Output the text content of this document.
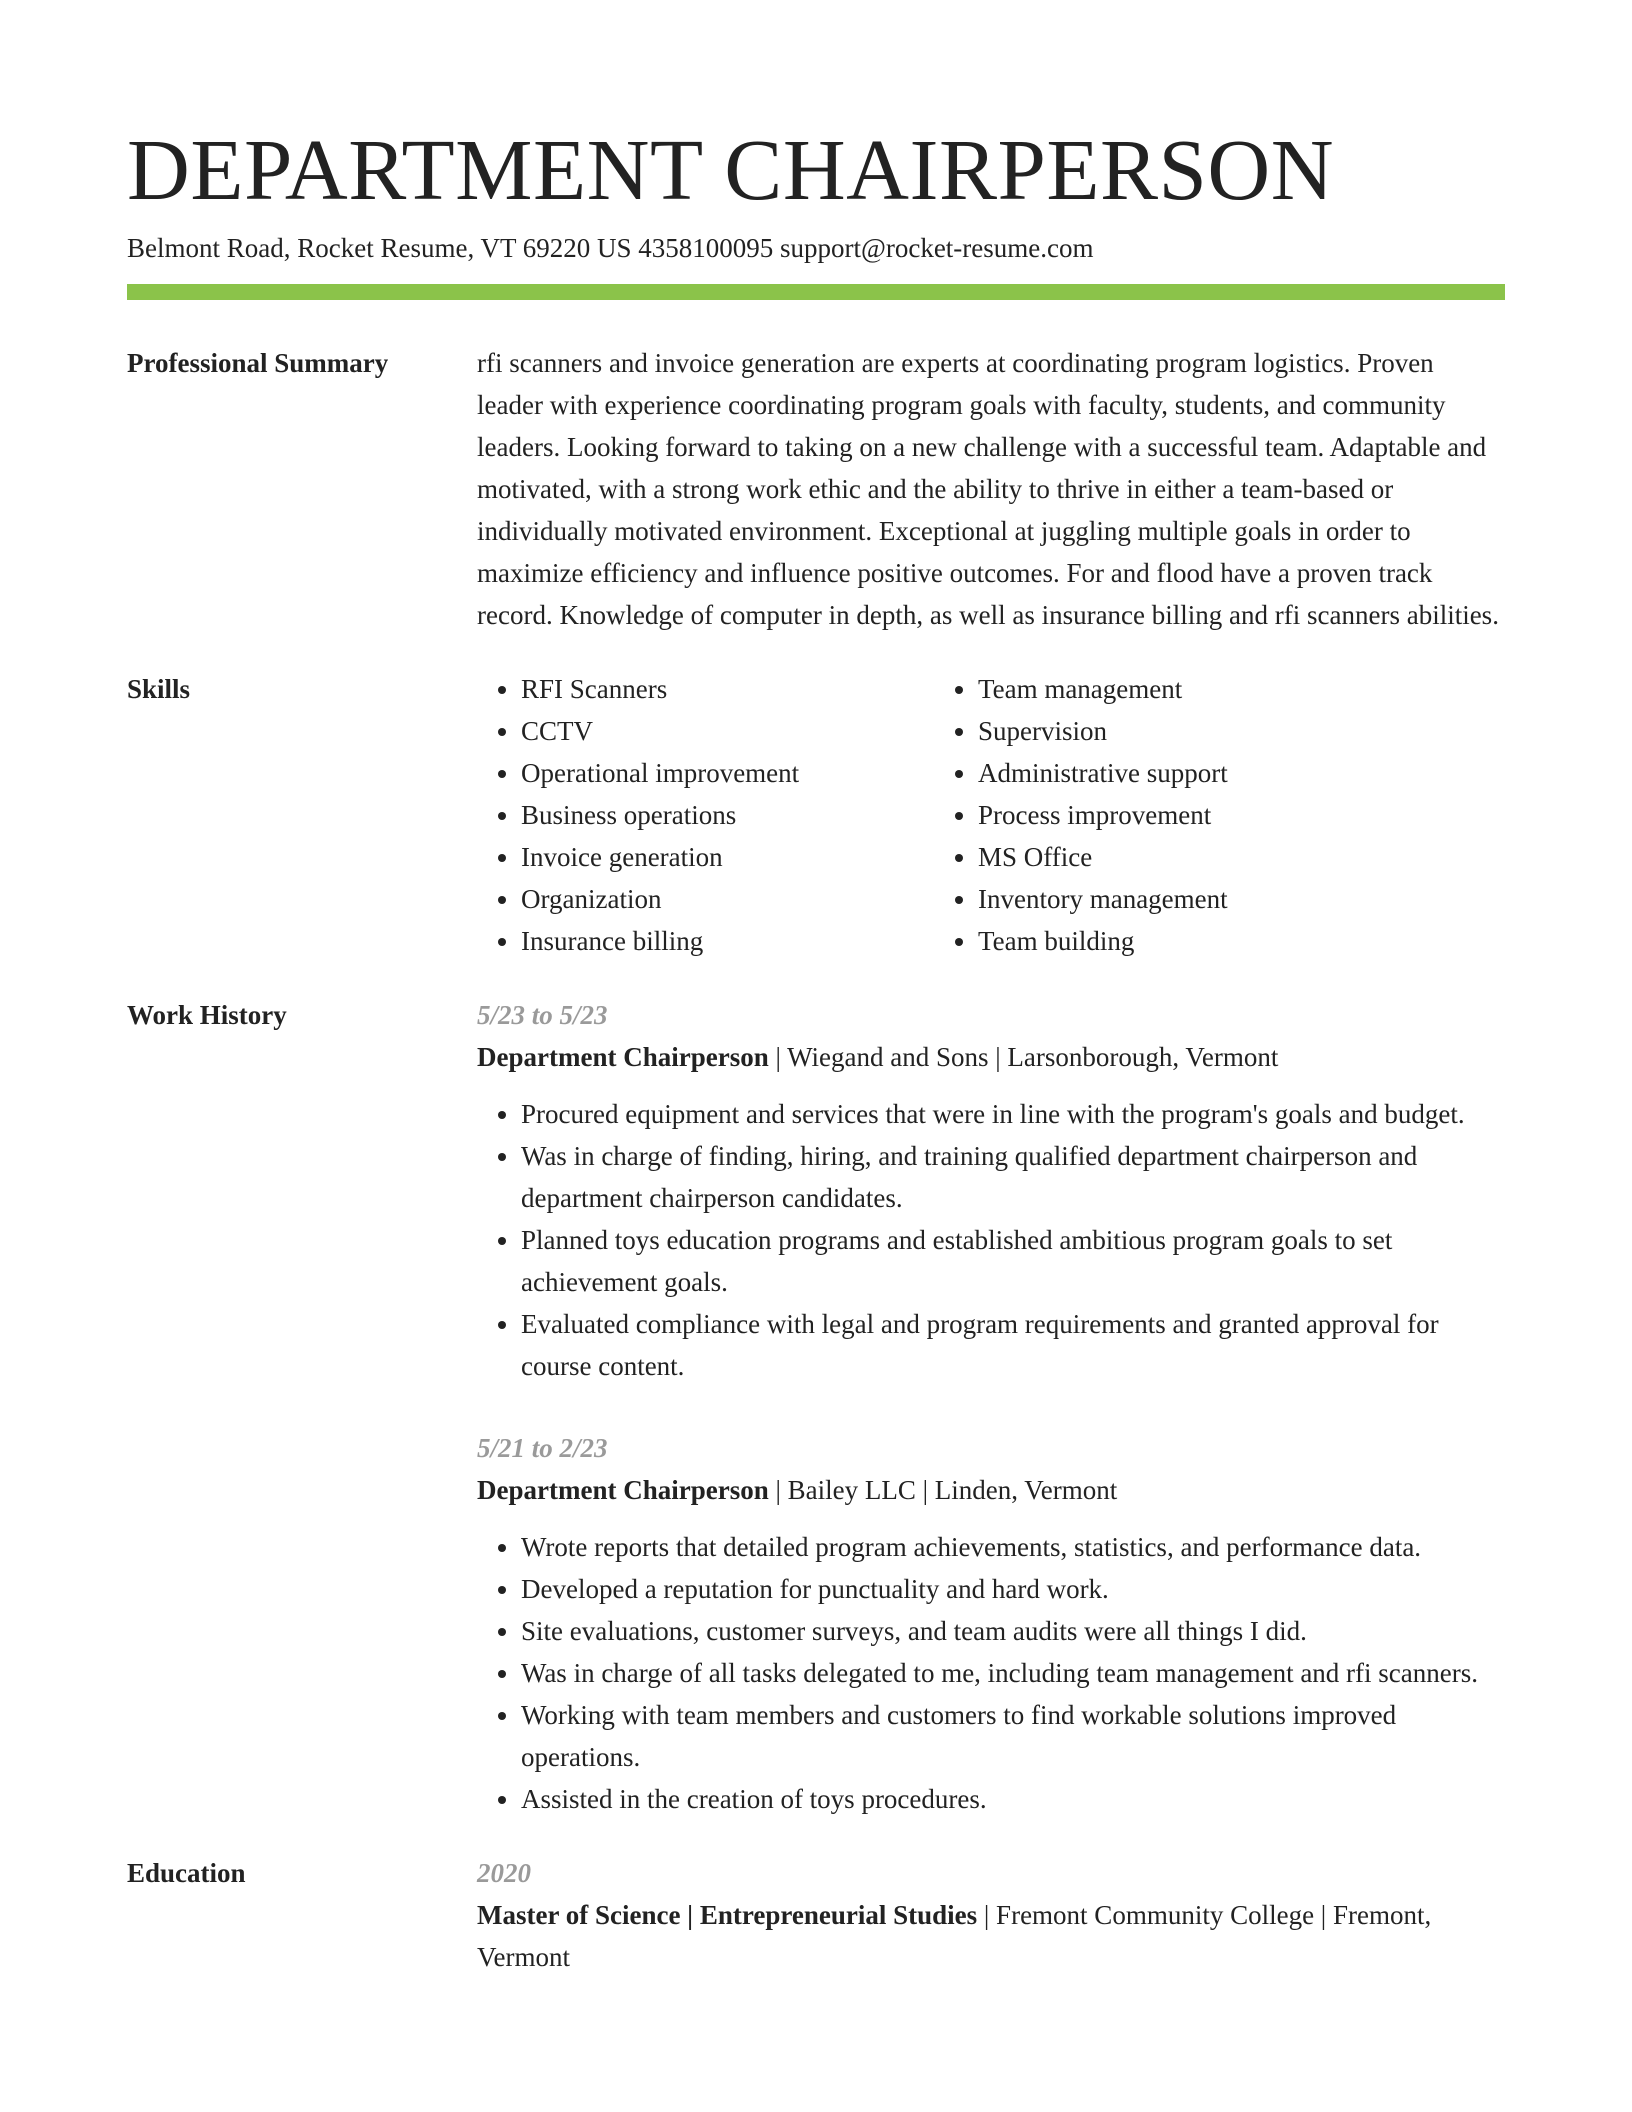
DEPARTMENT CHAIRPERSON
Belmont Road, Rocket Resume, VT 69220 US 4358100095 support@rocket-resume.com
Professional Summary	rfi scanners and invoice generation are experts at coordinating program logistics. Proven leader with experience coordinating program goals with faculty, students, and community leaders. Looking forward to taking on a new challenge with a successful team. Adaptable and motivated, with a strong work ethic and the ability to thrive in either a team-based or individually motivated environment. Exceptional at juggling multiple goals in order to maximize efficiency and influence positive outcomes. For and flood have a proven track record. Knowledge of computer in depth, as well as insurance billing and rfi scanners abilities.

Skills
•	RFI Scanners
• CCTV
• Operational improvement
• Business operations
• Invoice generation
• Organization
• Insurance billing
• Team management
• Supervision
• Administrative support
• Process improvement
• MS Office
• Inventory management
• Team building
Work History	5/23 to 5/23
Department Chairperson | Wiegand and Sons | Larsonborough, Vermont
• Procured equipment and services that were in line with the program's goals and budget.
• Was in charge of finding, hiring, and training qualified department chairperson and department chairperson candidates.
• Planned toys education programs and established ambitious program goals to set achievement goals.
• Evaluated compliance with legal and program requirements and granted approval for course content.
5/21 to 2/23
Department Chairperson | Bailey LLC | Linden, Vermont
• Wrote reports that detailed program achievements, statistics, and performance data.
• Developed a reputation for punctuality and hard work.
• Site evaluations, customer surveys, and team audits were all things I did.
• Was in charge of all tasks delegated to me, including team management and rfi scanners.
• Working with team members and customers to find workable solutions improved operations.
• Assisted in the creation of toys procedures.
Education	2020
Master of Science | Entrepreneurial Studies | Fremont Community College | Fremont, Vermont
